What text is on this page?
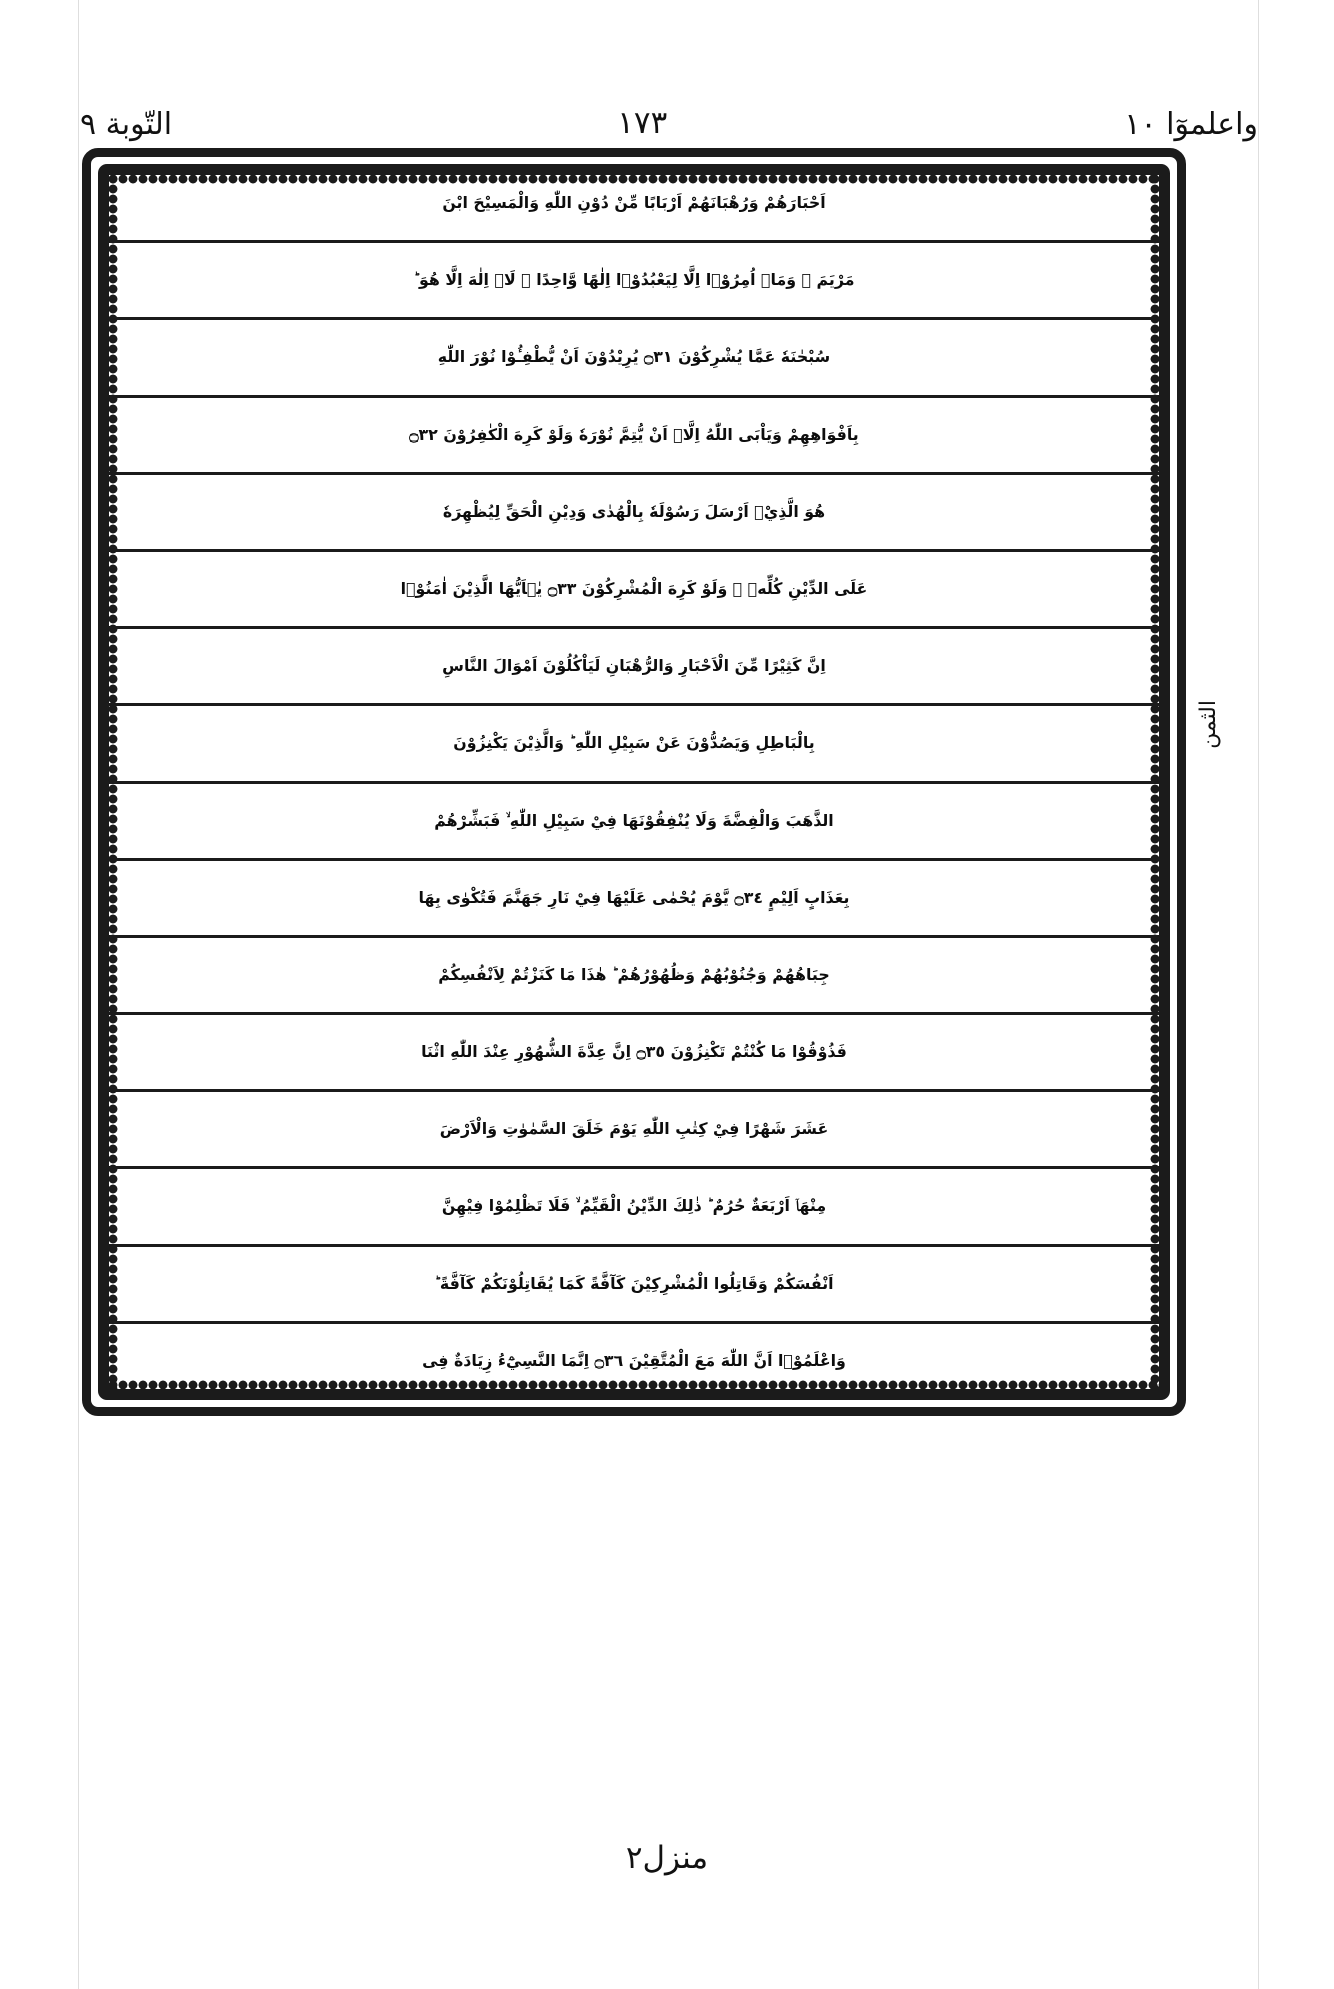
واعلموٓا ١٠
١٧٣
التّوبة ٩
اَحْبَارَهُمْ وَرُهْبَانَهُمْ اَرْبَابًا مِّنْ دُوْنِ اللّٰهِ وَالْمَسِيْحَ ابْنَ
مَرْيَمَ ۚ وَمَاۤ اُمِرُوْۤا اِلَّا لِيَعْبُدُوْۤا اِلٰهًا وَّاحِدًا ۚ لَاۤ اِلٰهَ اِلَّا هُوَ ؕ
سُبْحٰنَهٗ عَمَّا يُشْرِكُوْنَ ۝٣١ يُرِيْدُوْنَ اَنْ يُّطْفِـُٔوْا نُوْرَ اللّٰهِ
بِاَفْوَاهِهِمْ وَيَاْبَى اللّٰهُ اِلَّاۤ اَنْ يُّتِمَّ نُوْرَهٗ وَلَوْ كَرِهَ الْكٰفِرُوْنَ ۝٣٢
هُوَ الَّذِيْۤ اَرْسَلَ رَسُوْلَهٗ بِالْهُدٰى وَدِيْنِ الْحَقِّ لِيُظْهِرَهٗ
عَلَى الدِّيْنِ كُلِّهٖ ۙ وَلَوْ كَرِهَ الْمُشْرِكُوْنَ ۝٣٣ يٰۤاَيُّهَا الَّذِيْنَ اٰمَنُوْۤا
اِنَّ كَثِيْرًا مِّنَ الْاَحْبَارِ وَالرُّهْبَانِ لَيَاْكُلُوْنَ اَمْوَالَ النَّاسِ
بِالْبَاطِلِ وَيَصُدُّوْنَ عَنْ سَبِيْلِ اللّٰهِ ؕ وَالَّذِيْنَ يَكْنِزُوْنَ
الذَّهَبَ وَالْفِضَّةَ وَلَا يُنْفِقُوْنَهَا فِيْ سَبِيْلِ اللّٰهِ ۙ فَبَشِّرْهُمْ
بِعَذَابٍ اَلِيْمٍ ۝٣٤ يَّوْمَ يُحْمٰى عَلَيْهَا فِيْ نَارِ جَهَنَّمَ فَتُكْوٰى بِهَا
جِبَاهُهُمْ وَجُنُوْبُهُمْ وَظُهُوْرُهُمْ ؕ هٰذَا مَا كَنَزْتُمْ لِاَنْفُسِكُمْ
فَذُوْقُوْا مَا كُنْتُمْ تَكْنِزُوْنَ ۝٣٥ اِنَّ عِدَّةَ الشُّهُوْرِ عِنْدَ اللّٰهِ اثْنَا
عَشَرَ شَهْرًا فِيْ كِتٰبِ اللّٰهِ يَوْمَ خَلَقَ السَّمٰوٰتِ وَالْاَرْضَ
مِنْهَاۤ اَرْبَعَةٌ حُرُمٌ ؕ ذٰلِكَ الدِّيْنُ الْقَيِّمُ ۙ فَلَا تَظْلِمُوْا فِيْهِنَّ
اَنْفُسَكُمْ وَقَاتِلُوا الْمُشْرِكِيْنَ كَآفَّةً كَمَا يُقَاتِلُوْنَكُمْ كَآفَّةً ؕ
وَاعْلَمُوْۤا اَنَّ اللّٰهَ مَعَ الْمُتَّقِيْنَ ۝٣٦ اِنَّمَا النَّسِيْٓءُ زِيَادَةٌ فِى
الثمن
منزل٢
